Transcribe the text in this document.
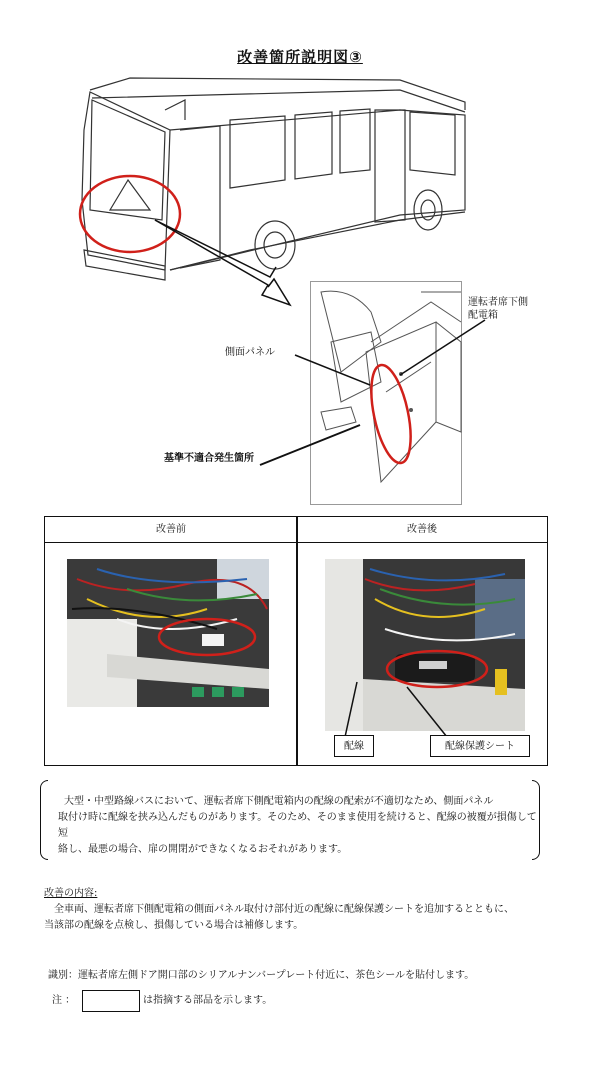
改善箇所説明図③
運転者席下側
配電箱
側面パネル
基準不適合発生箇所
改善前	改善後
配線	配線保護シート
大型・中型路線バスにおいて、運転者席下側配電箱内の配線の配索が不適切なため、側面パネル
取付け時に配線を挟み込んだものがあります。そのため、そのまま使用を続けると、配線の被覆が損傷して短
絡し、最悪の場合、扉の開閉ができなくなるおそれがあります。
改善の内容:
全車両、運転者席下側配電箱の側面パネル取付け部付近の配線に配線保護シートを追加するとともに、
当該部の配線を点検し、損傷している場合は補修します。
識別：運転者席左側ドア開口部のシリアルナンバープレート付近に、茶色シールを貼付します。
注 ：	は指摘する部品を示します。
